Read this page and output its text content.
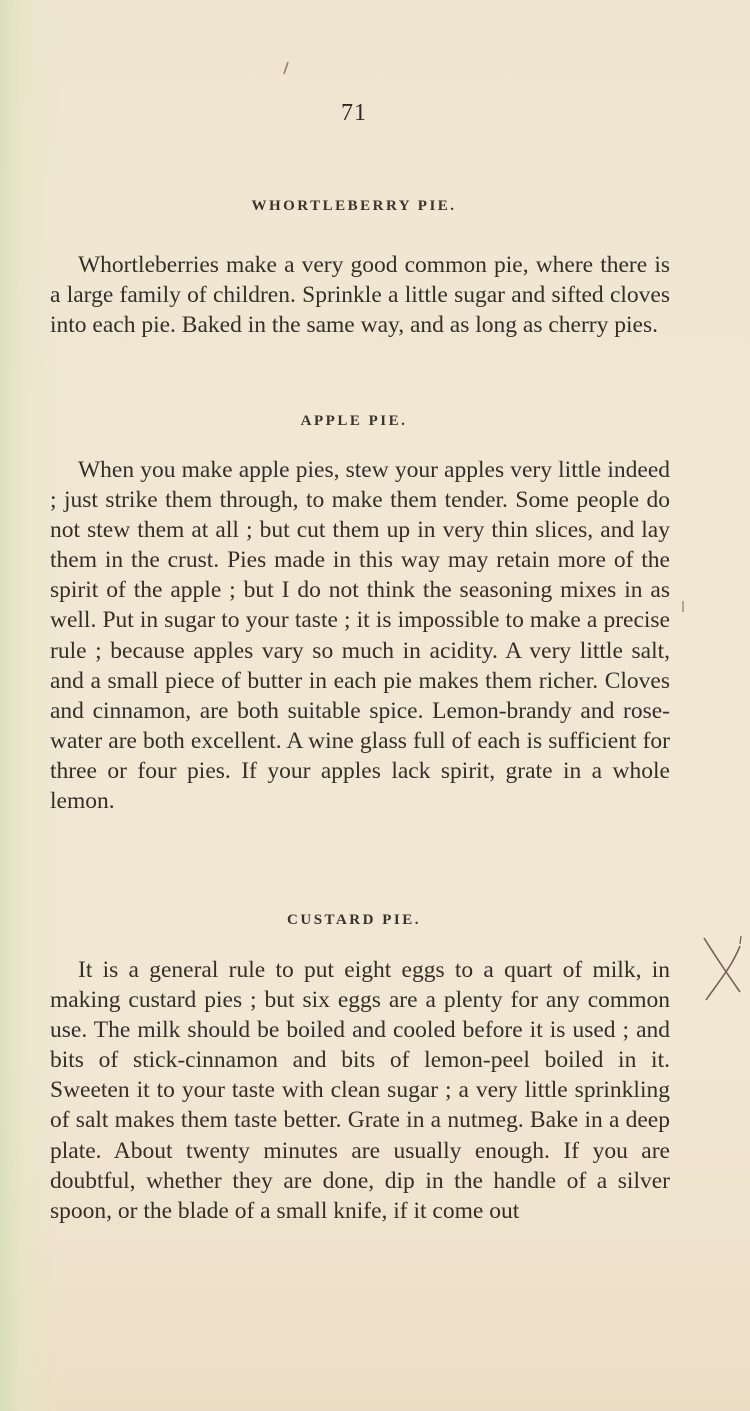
71
WHORTLEBERRY PIE.
Whortleberries make a very good common pie, where there is a large family of children. Sprinkle a little sugar and sifted cloves into each pie. Baked in the same way, and as long as cherry pies.
APPLE PIE.
When you make apple pies, stew your apples very little indeed ; just strike them through, to make them tender. Some people do not stew them at all ; but cut them up in very thin slices, and lay them in the crust. Pies made in this way may retain more of the spirit of the apple ; but I do not think the seasoning mixes in as well. Put in sugar to your taste ; it is impossible to make a precise rule ; because apples vary so much in acidity. A very little salt, and a small piece of butter in each pie makes them richer. Cloves and cinnamon, are both suitable spice. Lemon-brandy and rose-water are both excellent. A wine glass full of each is sufficient for three or four pies. If your apples lack spirit, grate in a whole lemon.
CUSTARD PIE.
It is a general rule to put eight eggs to a quart of milk, in making custard pies ; but six eggs are a plenty for any common use. The milk should be boiled and cooled before it is used ; and bits of stick-cinnamon and bits of lemon-peel boiled in it. Sweeten it to your taste with clean sugar ; a very little sprinkling of salt makes them taste better. Grate in a nutmeg. Bake in a deep plate. About twenty minutes are usually enough. If you are doubtful, whether they are done, dip in the handle of a silver spoon, or the blade of a small knife, if it come out
